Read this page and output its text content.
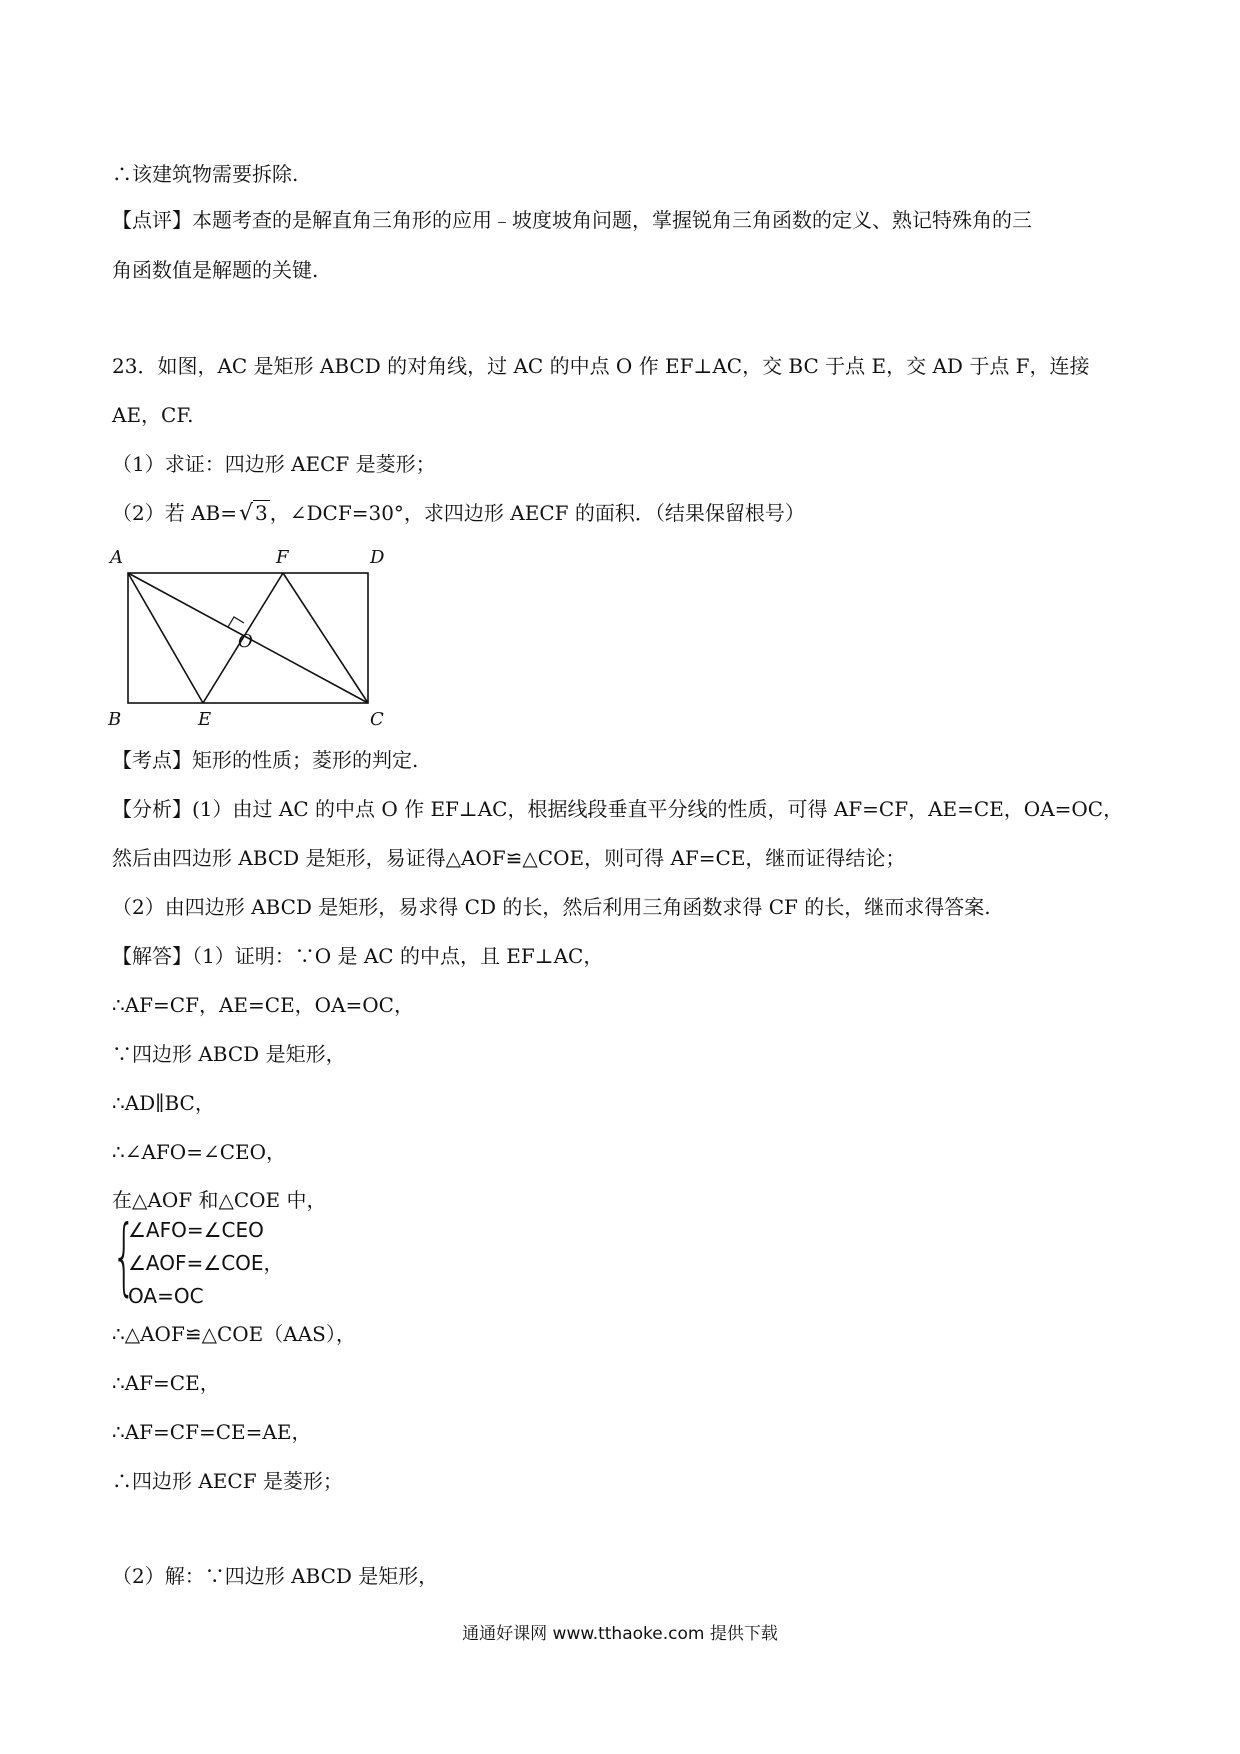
∴该建筑物需要拆除.
【点评】本题考查的是解直角三角形的应用﹣坡度坡角问题，掌握锐角三角函数的定义、熟记特殊角的三
角函数值是解题的关键.
23．如图，AC 是矩形 ABCD 的对角线，过 AC 的中点 O 作 EF⊥AC，交 BC 于点 E，交 AD 于点 F，连接
AE，CF.
（1）求证：四边形 AECF 是菱形；
（2）若 AB=√ 3 ，∠DCF=30°，求四边形 AECF 的面积．（结果保留根号）
A	F	D
O
B	E	C
【考点】矩形的性质；菱形的判定.
【分析】(1）由过 AC 的中点 O 作 EF⊥AC，根据线段垂直平分线的性质，可得 AF=CF，AE=CE，OA=OC，
然后由四边形 ABCD 是矩形，易证得△AOF≌△COE，则可得 AF=CE，继而证得结论；
（2）由四边形 ABCD 是矩形，易求得 CD 的长，然后利用三角函数求得 CF 的长，继而求得答案.
【解答】（1）证明：∵O 是 AC 的中点，且 EF⊥AC，
∴AF=CF，AE=CE，OA=OC，
∵四边形 ABCD 是矩形，
∴AD∥BC，
∴∠AFO=∠CEO，
在△AOF 和△COE 中，
{
∠AFO=∠CEO
∠AOF=∠COE，
OA=OC
∴△AOF≌△COE（AAS），
∴AF=CE，
∴AF=CF=CE=AE，
∴四边形 AECF 是菱形；
（2）解：∵四边形 ABCD 是矩形，
通通好课网 www.tthaoke.com 提供下载
